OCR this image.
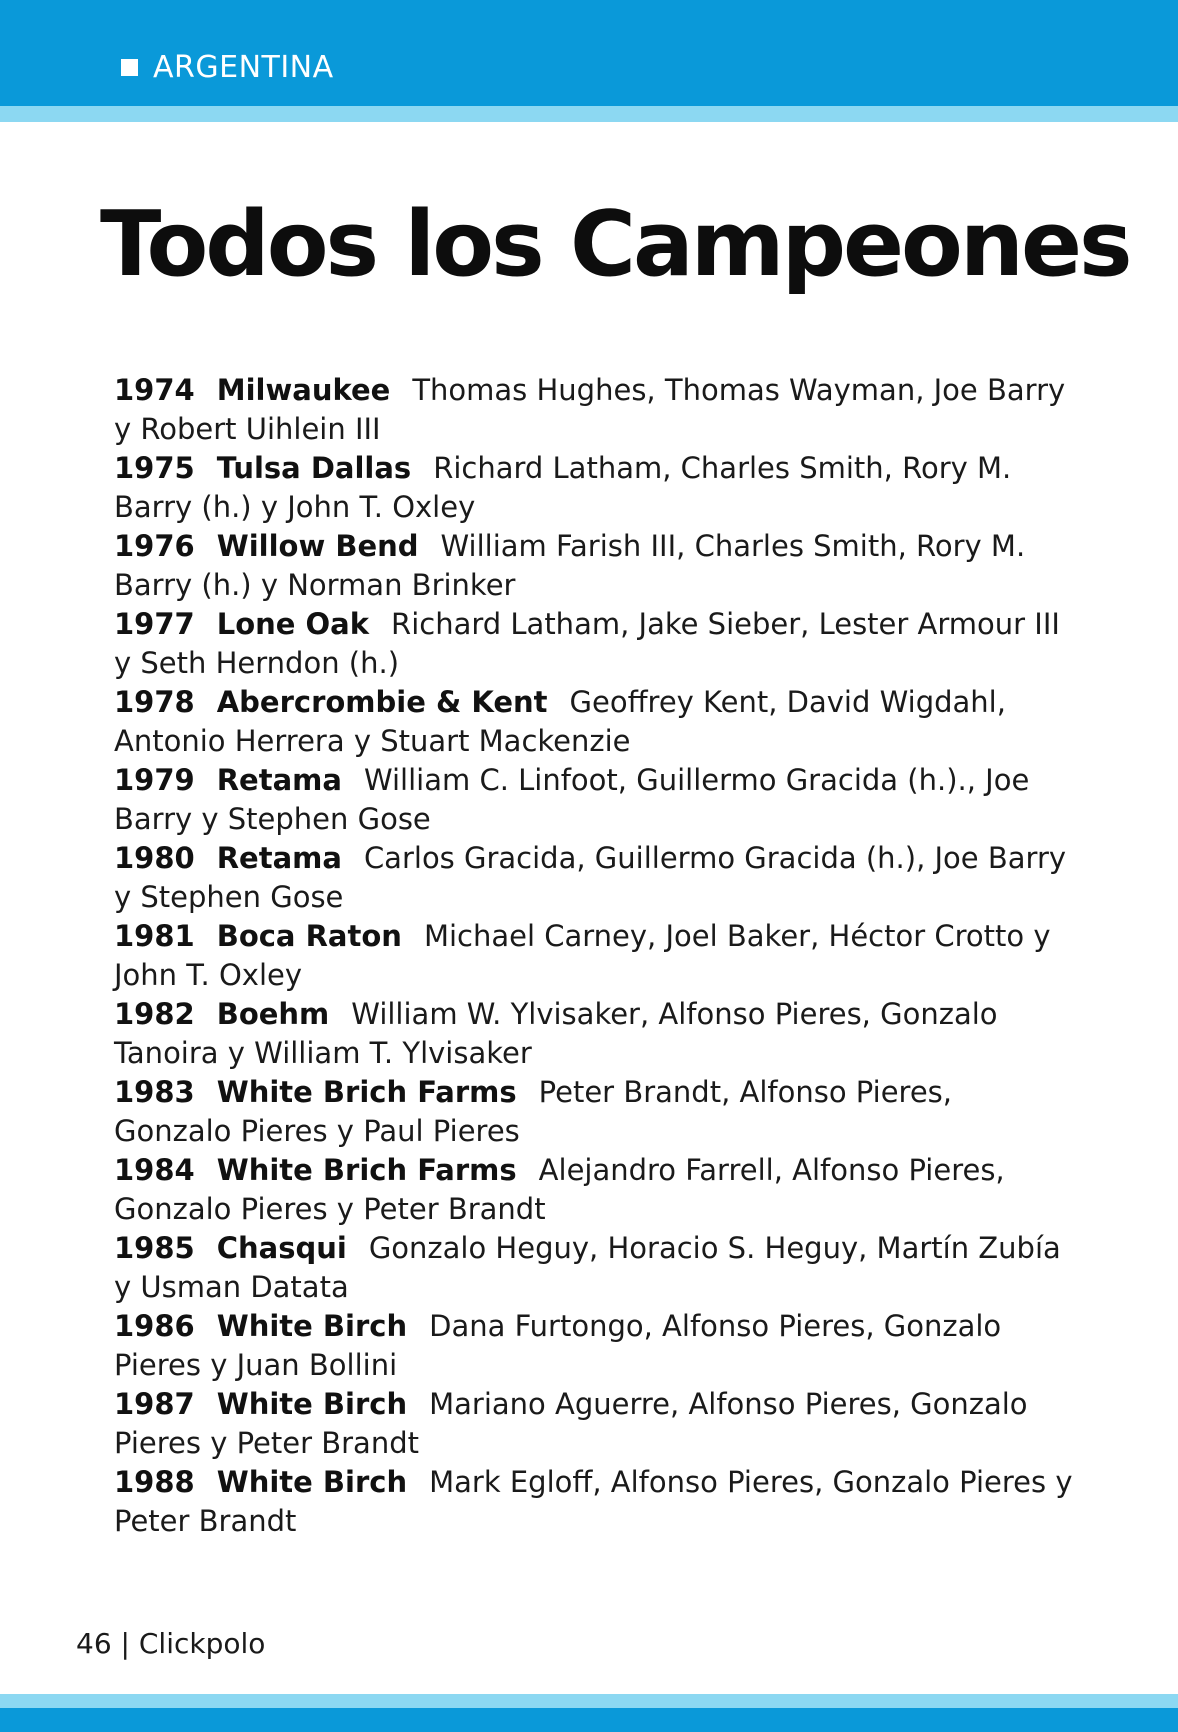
ARGENTINA
Todos los Campeones
1974 Milwaukee Thomas Hughes, Thomas Wayman, Joe Barry y Robert Uihlein III
1975 Tulsa Dallas Richard Latham, Charles Smith, Rory M. Barry (h.) y John T. Oxley
1976 Willow Bend William Farish III, Charles Smith, Rory M. Barry (h.) y Norman Brinker
1977 Lone Oak Richard Latham, Jake Sieber, Lester Armour III y Seth Herndon (h.)
1978 Abercrombie & Kent Geoffrey Kent, David Wigdahl, Antonio Herrera y Stuart Mackenzie
1979 Retama William C. Linfoot, Guillermo Gracida (h.)., Joe Barry y Stephen Gose
1980 Retama Carlos Gracida, Guillermo Gracida (h.), Joe Barry y Stephen Gose
1981 Boca Raton Michael Carney, Joel Baker, Héctor Crotto y John T. Oxley
1982 Boehm William W. Ylvisaker, Alfonso Pieres, Gonzalo Tanoira y William T. Ylvisaker
1983 White Brich Farms Peter Brandt, Alfonso Pieres, Gonzalo Pieres y Paul Pieres
1984 White Brich Farms Alejandro Farrell, Alfonso Pieres, Gonzalo Pieres y Peter Brandt
1985 Chasqui Gonzalo Heguy, Horacio S. Heguy, Martín Zubía y Usman Datata
1986 White Birch Dana Furtongo, Alfonso Pieres, Gonzalo Pieres y Juan Bollini
1987 White Birch Mariano Aguerre, Alfonso Pieres, Gonzalo Pieres y Peter Brandt
1988 White Birch Mark Egloff, Alfonso Pieres, Gonzalo Pieres y Peter Brandt
46 | Clickpolo
